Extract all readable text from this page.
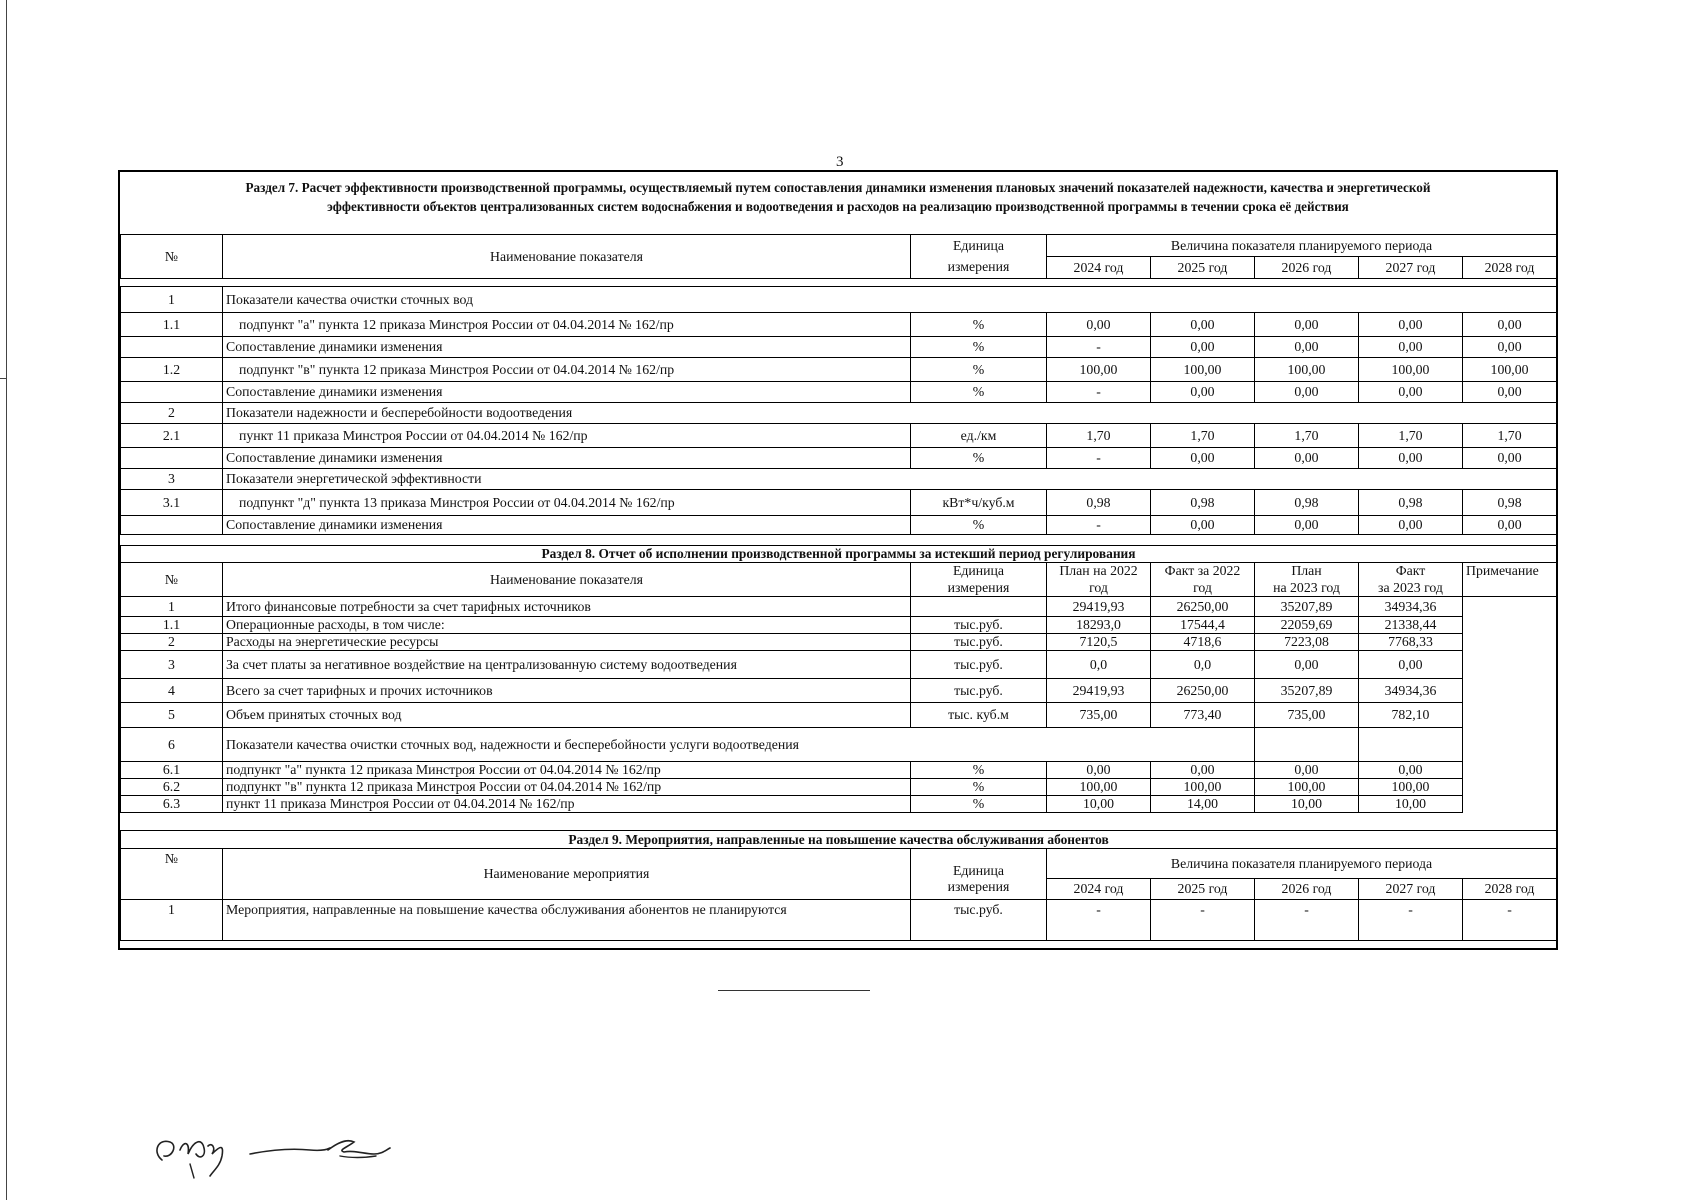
3
Раздел 7. Расчет эффективности производственной программы, осуществляемый путем сопоставления динамики изменения плановых значений показателей надежности, качества и энергетической
эффективности объектов централизованных систем водоснабжения и водоотведения и расходов на реализацию производственной программы в течении срока её действия
№	Наименование показателя	Единица	Величина показателя планируемого периода				
		измерения	2024 год	2025 год	2026 год	2027 год	2028 год

1	Показатели качества очистки сточных вод						
1.1	подпункт "а" пункта 12 приказа Минстроя России от 04.04.2014 № 162/пр	%	0,00	0,00	0,00	0,00	0,00
	Сопоставление динамики изменения	%	-	0,00	0,00	0,00	0,00
1.2	подпункт "в" пункта 12 приказа Минстроя России от 04.04.2014 № 162/пр	%	100,00	100,00	100,00	100,00	100,00
	Сопоставление динамики изменения	%	-	0,00	0,00	0,00	0,00
2	Показатели надежности и бесперебойности водоотведения						
2.1	пункт 11 приказа Минстроя России от 04.04.2014 № 162/пр	ед./км	1,70	1,70	1,70	1,70	1,70
	Сопоставление динамики изменения	%	-	0,00	0,00	0,00	0,00
3	Показатели энергетической эффективности						
3.1	подпункт "д" пункта 13 приказа Минстроя России от 04.04.2014 № 162/пр	кВт*ч/куб.м	0,98	0,98	0,98	0,98	0,98
	Сопоставление динамики изменения	%	-	0,00	0,00	0,00	0,00
Раздел 8. Отчет об исполнении производственной программы за истекший период регулирования							
№	Наименование показателя	Единица	План на 2022	Факт за 2022	План	Факт	Примечание
		измерения	год	год	на 2023 год	за 2023 год	
1	Итого финансовые потребности за счет тарифных источников		29419,93	26250,00	35207,89	34934,36	
1.1	Операционные расходы, в том числе:	тыс.руб.	18293,0	17544,4	22059,69	21338,44	
2	Расходы на энергетические ресурсы	тыс.руб.	7120,5	4718,6	7223,08	7768,33	
3	За счет платы за негативное воздействие на централизованную систему водоотведения	тыс.руб.	0,0	0,0	0,00	0,00	
4	Всего за счет тарифных и прочих источников	тыс.руб.	29419,93	26250,00	35207,89	34934,36	
5	Объем принятых сточных вод	тыс. куб.м	735,00	773,40	735,00	782,10	
6	Показатели качества очистки сточных вод, надежности и бесперебойности услуги водоотведения						
6.1	подпункт "а" пункта 12 приказа Минстроя России от 04.04.2014 № 162/пр	%	0,00	0,00	0,00	0,00	
6.2	подпункт "в" пункта 12 приказа Минстроя России от 04.04.2014 № 162/пр	%	100,00	100,00	100,00	100,00	
6.3	пункт 11 приказа Минстроя России от 04.04.2014 № 162/пр	%	10,00	14,00	10,00	10,00	
Раздел 9. Мероприятия, направленные на повышение качества обслуживания абонентов							
№	Наименование мероприятия	Единица	Величина показателя планируемого периода				
		измерения	2024 год	2025 год	2026 год	2027 год	2028 год
1	Мероприятия, направленные на повышение качества обслуживания абонентов не планируются	тыс.руб.	-	-	-	-	-
